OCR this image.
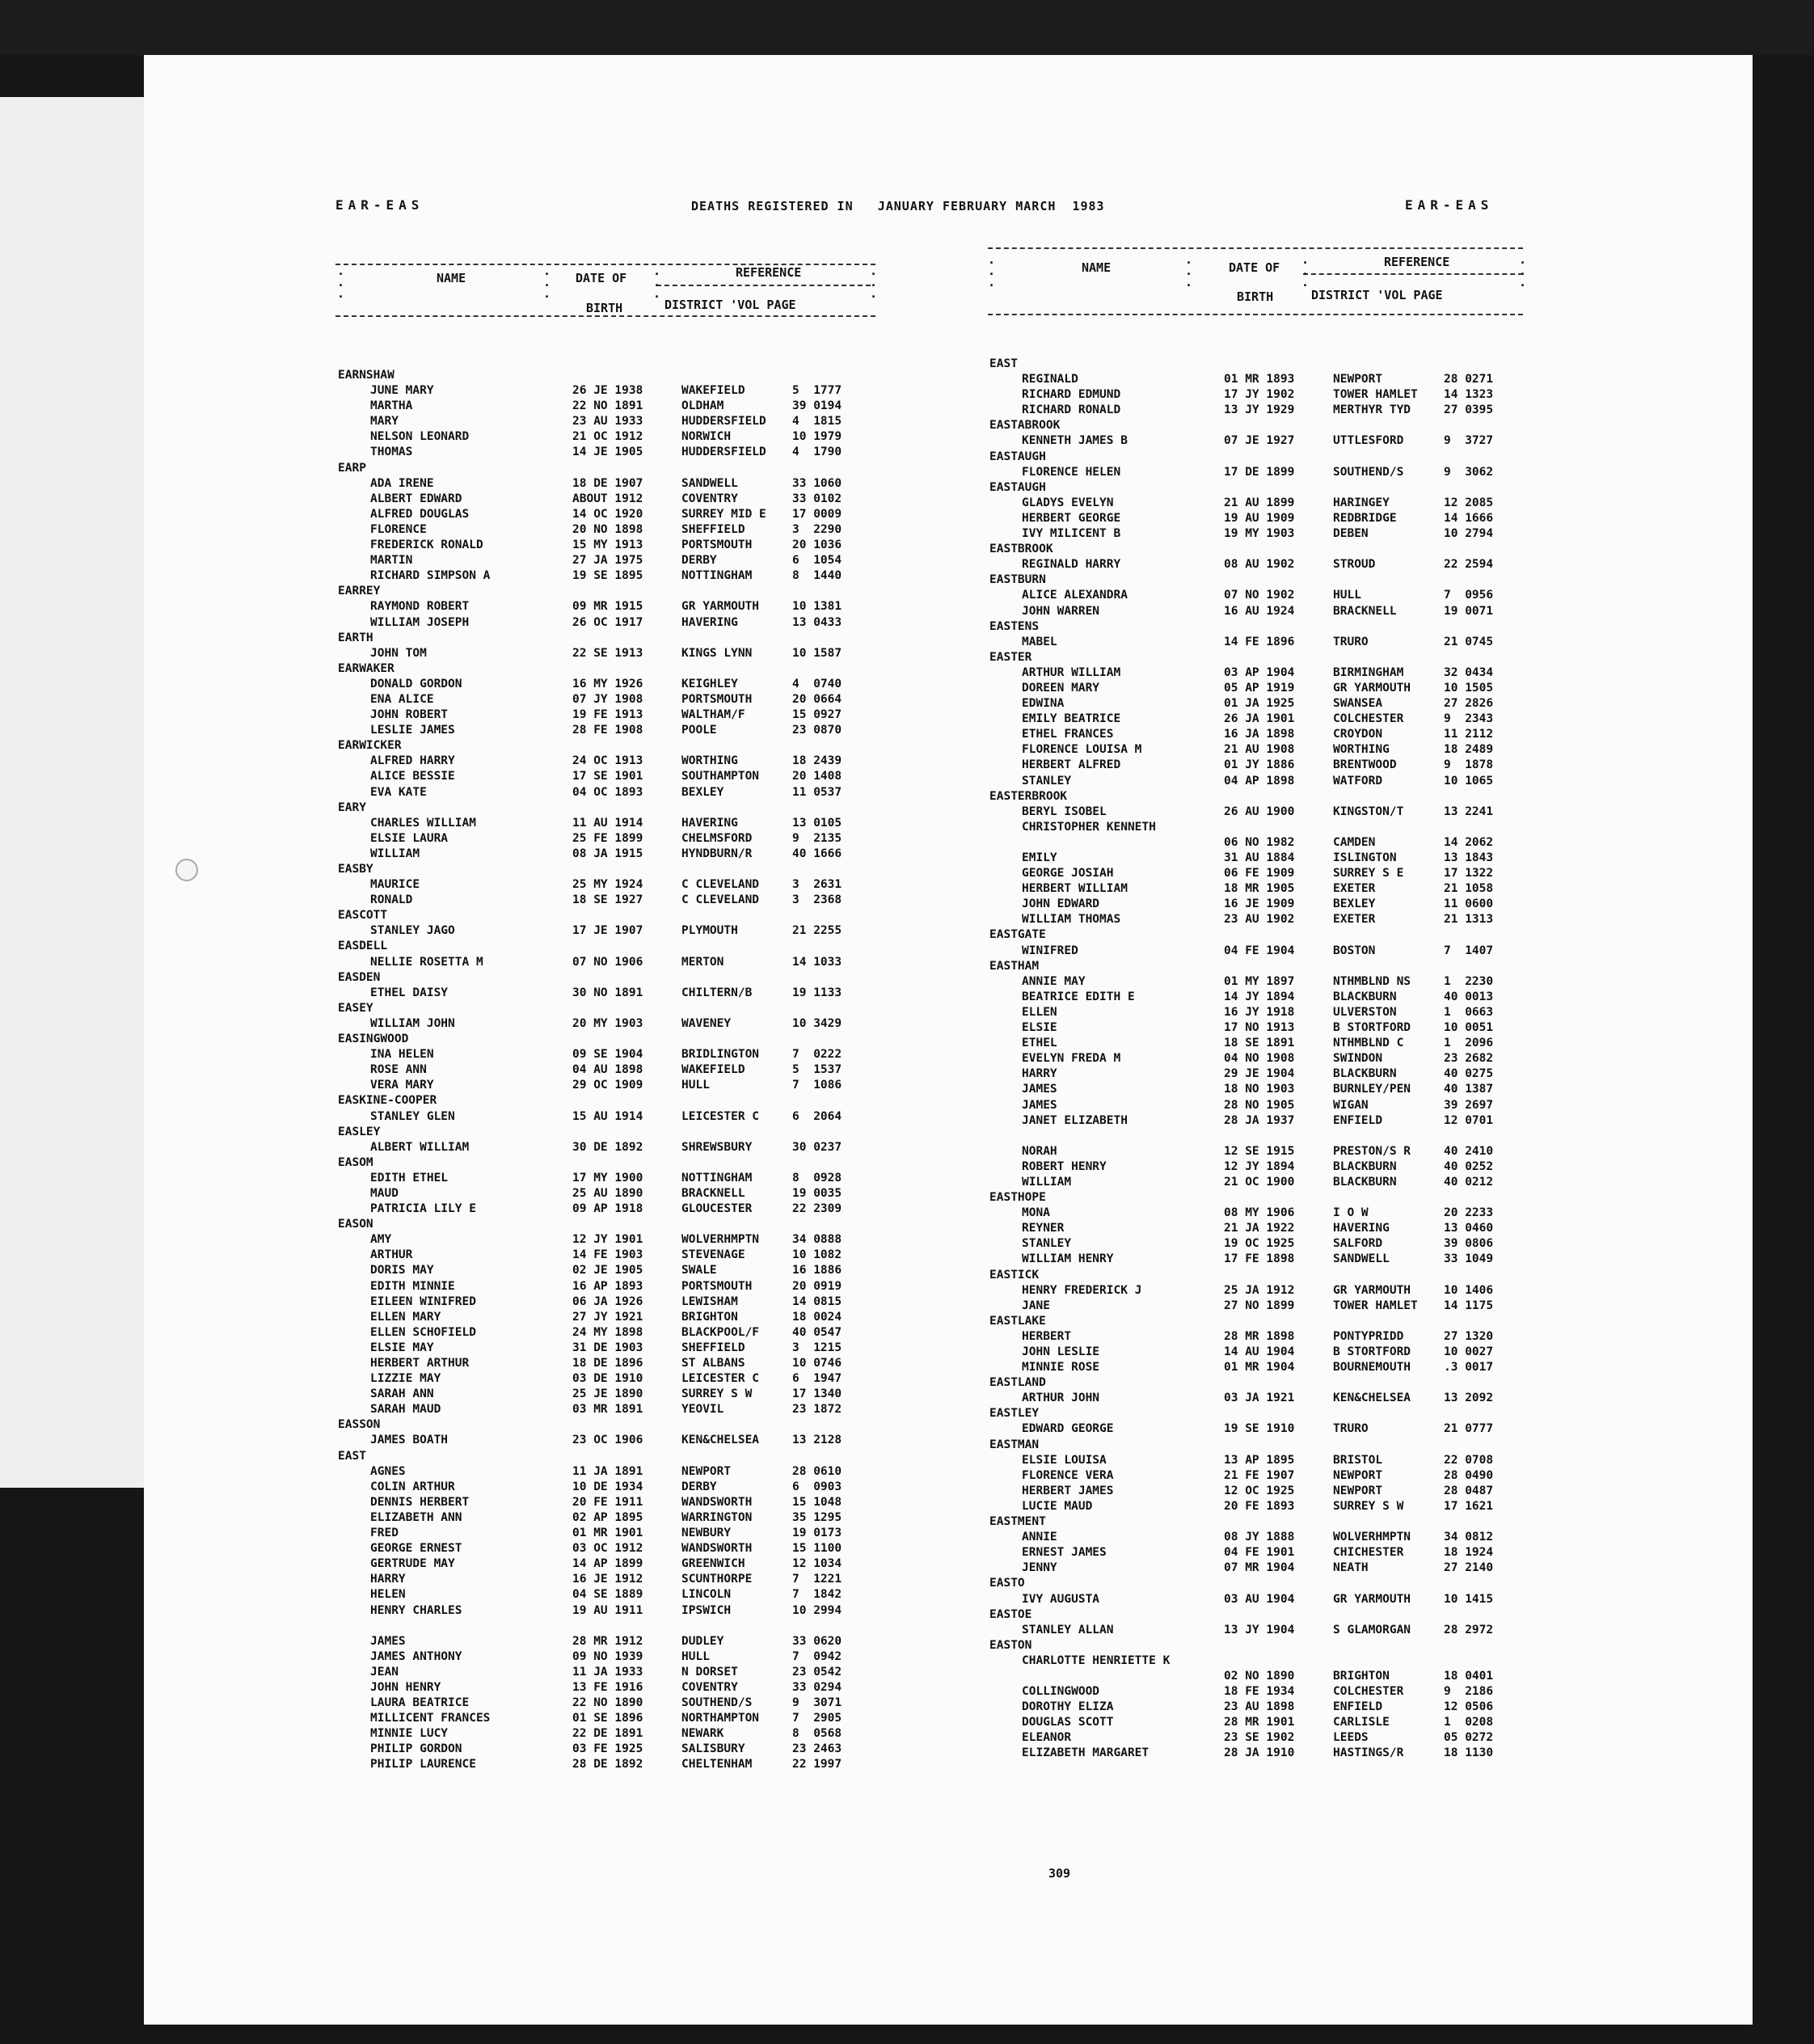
EAR-EAS	DEATHS REGISTERED IN   JANUARY FEBRUARY MARCH  1983	EAR-EAS
·
·
·
·
·
·
·
·
·
·
·
·
NAME	DATE OF	REFERENCE
BIRTH	DISTRICT 'VOL PAGE
·
·
·
·
·
·
·
·
·
·
·
·
NAME	DATE OF	REFERENCE
BIRTH	DISTRICT 'VOL PAGE
EARNSHAW
JUNE MARY	26 JE 1938	WAKEFIELD	5  1777
MARTHA	22 NO 1891	OLDHAM	39 0194
MARY	23 AU 1933	HUDDERSFIELD 4  1815
NELSON LEONARD	21 OC 1912	NORWICH	10 1979
THOMAS	14 JE 1905	HUDDERSFIELD 4  1790
EARP
ADA IRENE	18 DE 1907	SANDWELL	33 1060
ALBERT EDWARD	ABOUT 1912	COVENTRY	33 0102
ALFRED DOUGLAS	14 OC 1920	SURREY MID E 17 0009
FLORENCE	20 NO 1898	SHEFFIELD	3  2290
FREDERICK RONALD	15 MY 1913	PORTSMOUTH	20 1036
MARTIN	27 JA 1975	DERBY	6  1054
RICHARD SIMPSON A	19 SE 1895	NOTTINGHAM	8  1440
EARREY
RAYMOND ROBERT	09 MR 1915	GR YARMOUTH	10 1381
WILLIAM JOSEPH	26 OC 1917	HAVERING	13 0433
EARTH
JOHN TOM	22 SE 1913	KINGS LYNN	10 1587
EARWAKER
DONALD GORDON	16 MY 1926	KEIGHLEY	4  0740
ENA ALICE	07 JY 1908	PORTSMOUTH	20 0664
JOHN ROBERT	19 FE 1913	WALTHAM/F	15 0927
LESLIE JAMES	28 FE 1908	POOLE	23 0870
EARWICKER
ALFRED HARRY	24 OC 1913	WORTHING	18 2439
ALICE BESSIE	17 SE 1901	SOUTHAMPTON	20 1408
EVA KATE	04 OC 1893	BEXLEY	11 0537
EARY
CHARLES WILLIAM	11 AU 1914	HAVERING	13 0105
ELSIE LAURA	25 FE 1899	CHELMSFORD	9  2135
WILLIAM	08 JA 1915	HYNDBURN/R	40 1666
EASBY
MAURICE	25 MY 1924	C CLEVELAND	3  2631
RONALD	18 SE 1927	C CLEVELAND	3  2368
EASCOTT
STANLEY JAGO	17 JE 1907	PLYMOUTH	21 2255
EASDELL
NELLIE ROSETTA M	07 NO 1906	MERTON	14 1033
EASDEN
ETHEL DAISY	30 NO 1891	CHILTERN/B	19 1133
EASEY
WILLIAM JOHN	20 MY 1903	WAVENEY	10 3429
EASINGWOOD
INA HELEN	09 SE 1904	BRIDLINGTON	7  0222
ROSE ANN	04 AU 1898	WAKEFIELD	5  1537
VERA MARY	29 OC 1909	HULL	7  1086
EASKINE-COOPER
STANLEY GLEN	15 AU 1914	LEICESTER C	6  2064
EASLEY
ALBERT WILLIAM	30 DE 1892	SHREWSBURY	30 0237
EASOM
EDITH ETHEL	17 MY 1900	NOTTINGHAM	8  0928
MAUD	25 AU 1890	BRACKNELL	19 0035
PATRICIA LILY E	09 AP 1918	GLOUCESTER	22 2309
EASON
AMY	12 JY 1901	WOLVERHMPTN	34 0888
ARTHUR	14 FE 1903	STEVENAGE	10 1082
DORIS MAY	02 JE 1905	SWALE	16 1886
EDITH MINNIE	16 AP 1893	PORTSMOUTH	20 0919
EILEEN WINIFRED	06 JA 1926	LEWISHAM	14 0815
ELLEN MARY	27 JY 1921	BRIGHTON	18 0024
ELLEN SCHOFIELD	24 MY 1898	BLACKPOOL/F	40 0547
ELSIE MAY	31 DE 1903	SHEFFIELD	3  1215
HERBERT ARTHUR	18 DE 1896	ST ALBANS	10 0746
LIZZIE MAY	03 DE 1910	LEICESTER C	6  1947
SARAH ANN	25 JE 1890	SURREY S W	17 1340
SARAH MAUD	03 MR 1891	YEOVIL	23 1872
EASSON
JAMES BOATH	23 OC 1906	KEN&CHELSEA	13 2128
EAST
AGNES	11 JA 1891	NEWPORT	28 0610
COLIN ARTHUR	10 DE 1934	DERBY	6  0903
DENNIS HERBERT	20 FE 1911	WANDSWORTH	15 1048
ELIZABETH ANN	02 AP 1895	WARRINGTON	35 1295
FRED	01 MR 1901	NEWBURY	19 0173
GEORGE ERNEST	03 OC 1912	WANDSWORTH	15 1100
GERTRUDE MAY	14 AP 1899	GREENWICH	12 1034
HARRY	16 JE 1912	SCUNTHORPE	7  1221
HELEN	04 SE 1889	LINCOLN	7  1842
HENRY CHARLES	19 AU 1911	IPSWICH	10 2994
JAMES	28 MR 1912	DUDLEY	33 0620
JAMES ANTHONY	09 NO 1939	HULL	7  0942
JEAN	11 JA 1933	N DORSET	23 0542
JOHN HENRY	13 FE 1916	COVENTRY	33 0294
LAURA BEATRICE	22 NO 1890	SOUTHEND/S	9  3071
MILLICENT FRANCES	01 SE 1896	NORTHAMPTON	7  2905
MINNIE LUCY	22 DE 1891	NEWARK	8  0568
PHILIP GORDON	03 FE 1925	SALISBURY	23 2463
PHILIP LAURENCE	28 DE 1892	CHELTENHAM	22 1997
EAST
REGINALD	01 MR 1893	NEWPORT	28 0271
RICHARD EDMUND	17 JY 1902	TOWER HAMLET 14 1323
RICHARD RONALD	13 JY 1929	MERTHYR TYD	27 0395
EASTABROOK
KENNETH JAMES B	07 JE 1927	UTTLESFORD	9  3727
EASTAUGH
FLORENCE HELEN	17 DE 1899	SOUTHEND/S	9  3062
EASTAUGH
GLADYS EVELYN	21 AU 1899	HARINGEY	12 2085
HERBERT GEORGE	19 AU 1909	REDBRIDGE	14 1666
IVY MILICENT B	19 MY 1903	DEBEN	10 2794
EASTBROOK
REGINALD HARRY	08 AU 1902	STROUD	22 2594
EASTBURN
ALICE ALEXANDRA	07 NO 1902	HULL	7  0956
JOHN WARREN	16 AU 1924	BRACKNELL	19 0071
EASTENS
MABEL	14 FE 1896	TRURO	21 0745
EASTER
ARTHUR WILLIAM	03 AP 1904	BIRMINGHAM	32 0434
DOREEN MARY	05 AP 1919	GR YARMOUTH	10 1505
EDWINA	01 JA 1925	SWANSEA	27 2826
EMILY BEATRICE	26 JA 1901	COLCHESTER	9  2343
ETHEL FRANCES	16 JA 1898	CROYDON	11 2112
FLORENCE LOUISA M	21 AU 1908	WORTHING	18 2489
HERBERT ALFRED	01 JY 1886	BRENTWOOD	9  1878
STANLEY	04 AP 1898	WATFORD	10 1065
EASTERBROOK
BERYL ISOBEL	26 AU 1900	KINGSTON/T	13 2241
CHRISTOPHER KENNETH
06 NO 1982	CAMDEN	14 2062
EMILY	31 AU 1884	ISLINGTON	13 1843
GEORGE JOSIAH	06 FE 1909	SURREY S E	17 1322
HERBERT WILLIAM	18 MR 1905	EXETER	21 1058
JOHN EDWARD	16 JE 1909	BEXLEY	11 0600
WILLIAM THOMAS	23 AU 1902	EXETER	21 1313
EASTGATE
WINIFRED	04 FE 1904	BOSTON	7  1407
EASTHAM
ANNIE MAY	01 MY 1897	NTHMBLND NS	1  2230
BEATRICE EDITH E	14 JY 1894	BLACKBURN	40 0013
ELLEN	16 JY 1918	ULVERSTON	1  0663
ELSIE	17 NO 1913	B STORTFORD	10 0051
ETHEL	18 SE 1891	NTHMBLND C	1  2096
EVELYN FREDA M	04 NO 1908	SWINDON	23 2682
HARRY	29 JE 1904	BLACKBURN	40 0275
JAMES	18 NO 1903	BURNLEY/PEN	40 1387
JAMES	28 NO 1905	WIGAN	39 2697
JANET ELIZABETH	28 JA 1937	ENFIELD	12 0701
NORAH	12 SE 1915	PRESTON/S R	40 2410
ROBERT HENRY	12 JY 1894	BLACKBURN	40 0252
WILLIAM	21 OC 1900	BLACKBURN	40 0212
EASTHOPE
MONA	08 MY 1906	I O W	20 2233
REYNER	21 JA 1922	HAVERING	13 0460
STANLEY	19 OC 1925	SALFORD	39 0806
WILLIAM HENRY	17 FE 1898	SANDWELL	33 1049
EASTICK
HENRY FREDERICK J	25 JA 1912	GR YARMOUTH	10 1406
JANE	27 NO 1899	TOWER HAMLET 14 1175
EASTLAKE
HERBERT	28 MR 1898	PONTYPRIDD	27 1320
JOHN LESLIE	14 AU 1904	B STORTFORD	10 0027
MINNIE ROSE	01 MR 1904	BOURNEMOUTH	.3 0017
EASTLAND
ARTHUR JOHN	03 JA 1921	KEN&CHELSEA	13 2092
EASTLEY
EDWARD GEORGE	19 SE 1910	TRURO	21 0777
EASTMAN
ELSIE LOUISA	13 AP 1895	BRISTOL	22 0708
FLORENCE VERA	21 FE 1907	NEWPORT	28 0490
HERBERT JAMES	12 OC 1925	NEWPORT	28 0487
LUCIE MAUD	20 FE 1893	SURREY S W	17 1621
EASTMENT
ANNIE	08 JY 1888	WOLVERHMPTN	34 0812
ERNEST JAMES	04 FE 1901	CHICHESTER	18 1924
JENNY	07 MR 1904	NEATH	27 2140
EASTO
IVY AUGUSTA	03 AU 1904	GR YARMOUTH	10 1415
EASTOE
STANLEY ALLAN	13 JY 1904	S GLAMORGAN	28 2972
EASTON
CHARLOTTE HENRIETTE K
02 NO 1890	BRIGHTON	18 0401
COLLINGWOOD	18 FE 1934	COLCHESTER	9  2186
DOROTHY ELIZA	23 AU 1898	ENFIELD	12 0506
DOUGLAS SCOTT	28 MR 1901	CARLISLE	1  0208
ELEANOR	23 SE 1902	LEEDS	05 0272
ELIZABETH MARGARET	28 JA 1910	HASTINGS/R	18 1130
309
